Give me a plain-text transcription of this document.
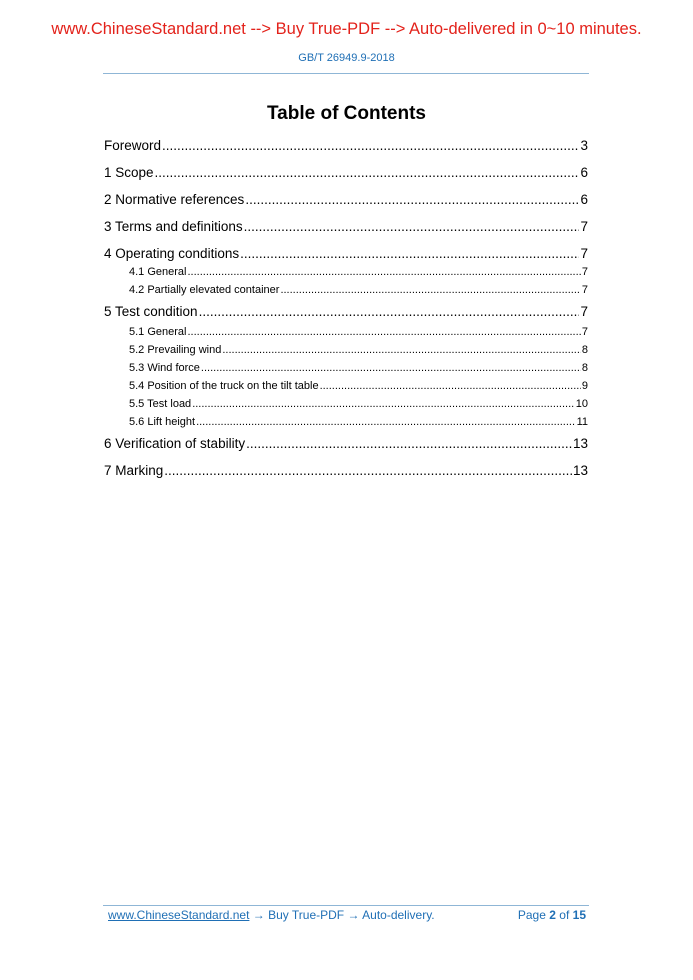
www.ChineseStandard.net --> Buy True-PDF --> Auto-delivered in 0~10 minutes.
GB/T 26949.9-2018
Table of Contents
Foreword .....	3
1 Scope .....	6
2 Normative references .....	6
3 Terms and definitions .....	7
4 Operating conditions .....	7
4.1 General .....	7
4.2 Partially elevated container .....	7
5 Test condition .....	7
5.1 General .....	7
5.2 Prevailing wind .....	8
5.3 Wind force .....	8
5.4 Position of the truck on the tilt table .....	9
5.5 Test load .....	10
5.6 Lift height .....	11
6 Verification of stability .....	13
7 Marking .....	13
www.ChineseStandard.net → Buy True-PDF → Auto-delivery.	Page 2 of 15
